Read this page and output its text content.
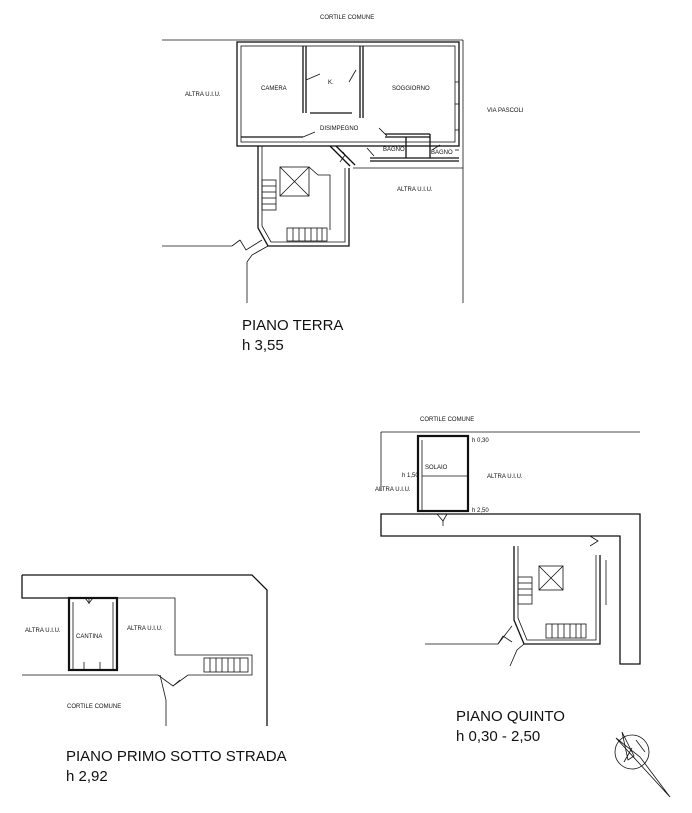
CORTILE COMUNE
ALTRA U.I.U.
VIA PASCOLI
ALTRA U.I.U.
CAMERA
K.
SOGGIORNO
DISIMPEGNO
BAGNO	BAGNO
PIANO TERRA
h 3,55
CORTILE COMUNE
SOLAIO
h 0,30
h 1,50
h 2,50
ALTRA U.I.U.
ALTRA U.I.U.
PIANO QUINTO
h 0,30 - 2,50
ALTRA U.I.U.
CANTINA
ALTRA U.I.U.
CORTILE COMUNE
PIANO PRIMO SOTTO STRADA
h 2,92
